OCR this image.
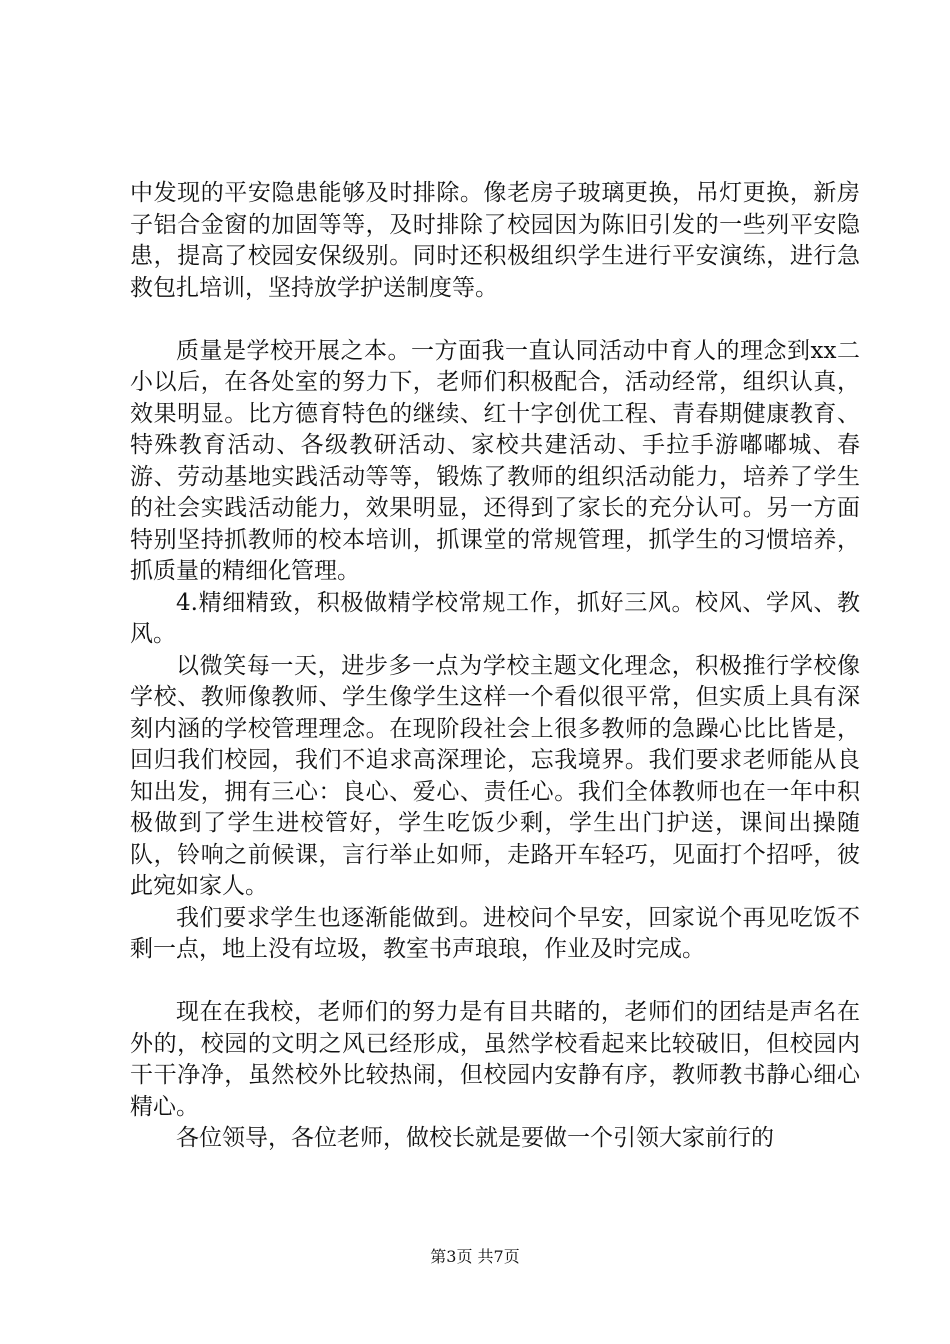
中发现的平安隐患能够及时排除。像老房子玻璃更换，吊灯更换，新房子铝合金窗的加固等等，及时排除了校园因为陈旧引发的一些列平安隐患，提高了校园安保级别。同时还积极组织学生进行平安演练，进行急救包扎培训，坚持放学护送制度等。

质量是学校开展之本。一方面我一直认同活动中育人的理念到xx二小以后，在各处室的努力下，老师们积极配合，活动经常，组织认真，效果明显。比方德育特色的继续、红十字创优工程、青春期健康教育、特殊教育活动、各级教研活动、家校共建活动、手拉手游嘟嘟城、春游、劳动基地实践活动等等，锻炼了教师的组织活动能力，培养了学生的社会实践活动能力，效果明显，还得到了家长的充分认可。另一方面特别坚持抓教师的校本培训，抓课堂的常规管理，抓学生的习惯培养，抓质量的精细化管理。

4.精细精致，积极做精学校常规工作，抓好三风。校风、学风、教风。

以微笑每一天，进步多一点为学校主题文化理念，积极推行学校像学校、教师像教师、学生像学生这样一个看似很平常，但实质上具有深刻内涵的学校管理理念。在现阶段社会上很多教师的急躁心比比皆是，回归我们校园，我们不追求高深理论，忘我境界。我们要求老师能从良知出发，拥有三心：良心、爱心、责任心。我们全体教师也在一年中积极做到了学生进校管好，学生吃饭少剩，学生出门护送，课间出操随队，铃响之前候课，言行举止如师，走路开车轻巧，见面打个招呼，彼此宛如家人。

我们要求学生也逐渐能做到。进校问个早安，回家说个再见吃饭不剩一点，地上没有垃圾，教室书声琅琅，作业及时完成。

现在在我校，老师们的努力是有目共睹的，老师们的团结是声名在外的，校园的文明之风已经形成，虽然学校看起来比较破旧，但校园内干干净净，虽然校外比较热闹，但校园内安静有序，教师教书静心细心精心。

各位领导，各位老师，做校长就是要做一个引领大家前行的

第3页 共7页
